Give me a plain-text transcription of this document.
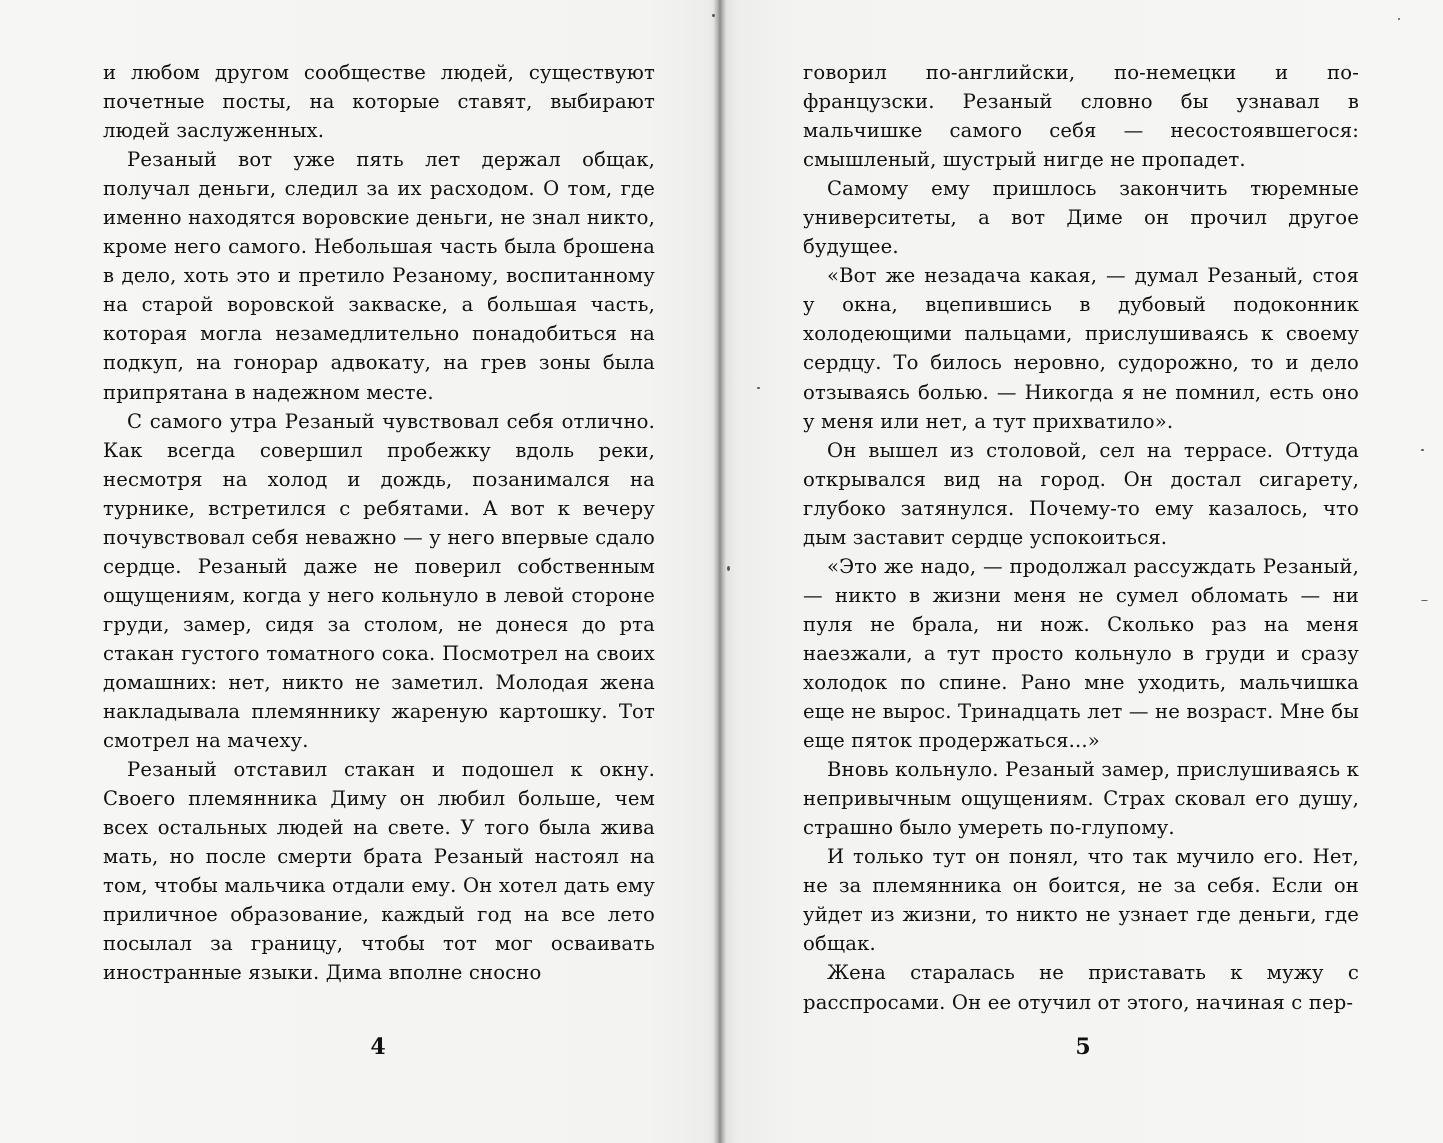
и любом другом сообществе людей, существуют почетные посты, на которые ставят, выбирают людей заслуженных.

Резаный вот уже пять лет держал общак, получал деньги, следил за их расходом. О том, где именно находятся воровские деньги, не знал никто, кроме него самого. Небольшая часть была брошена в дело, хоть это и претило Резаному, воспитанному на старой воровской закваске, а большая часть, которая могла незамедлительно понадобиться на подкуп, на гонорар адвокату, на грев зоны была припрятана в надежном месте.

С самого утра Резаный чувствовал себя отлично. Как всегда совершил пробежку вдоль реки, несмотря на холод и дождь, позанимался на турнике, встретился с ребятами. А вот к вечеру почувствовал себя неважно — у него впервые сдало сердце. Резаный даже не поверил собственным ощущениям, когда у него кольнуло в левой стороне груди, замер, сидя за столом, не донеся до рта стакан густого томатного сока. Посмотрел на своих домашних: нет, никто не заметил. Молодая жена накладывала племяннику жареную картошку. Тот смотрел на мачеху.

Резаный отставил стакан и подошел к окну. Своего племянника Диму он любил больше, чем всех остальных людей на свете. У того была жива мать, но после смерти брата Резаный настоял на том, чтобы мальчика отдали ему. Он хотел дать ему приличное образование, каждый год на все лето посылал за границу, чтобы тот мог осваивать иностранные языки. Дима вполне сносно

4

говорил по-английски, по-немецки и по-французски. Резаный словно бы узнавал в мальчишке самого себя — несостоявшегося: смышленый, шустрый нигде не пропадет.

Самому ему пришлось закончить тюремные университеты, а вот Диме он прочил другое будущее.

«Вот же незадача какая, — думал Резаный, стоя у окна, вцепившись в дубовый подоконник холодеющими пальцами, прислушиваясь к своему сердцу. То билось неровно, судорожно, то и дело отзываясь болью. — Никогда я не помнил, есть оно у меня или нет, а тут прихватило».

Он вышел из столовой, сел на террасе. Оттуда открывался вид на город. Он достал сигарету, глубоко затянулся. Почему-то ему казалось, что дым заставит сердце успокоиться.

«Это же надо, — продолжал рассуждать Резаный, — никто в жизни меня не сумел обломать — ни пуля не брала, ни нож. Сколько раз на меня наезжали, а тут просто кольнуло в груди и сразу холодок по спине. Рано мне уходить, мальчишка еще не вырос. Тринадцать лет — не возраст. Мне бы еще пяток продержаться...»

Вновь кольнуло. Резаный замер, прислушиваясь к непривычным ощущениям. Страх сковал его душу, страшно было умереть по-глупому.

И только тут он понял, что так мучило его. Нет, не за племянника он боится, не за себя. Если он уйдет из жизни, то никто не узнает где деньги, где общак.

Жена старалась не приставать к мужу с расспросами. Он ее отучил от этого, начиная с пер-

5
